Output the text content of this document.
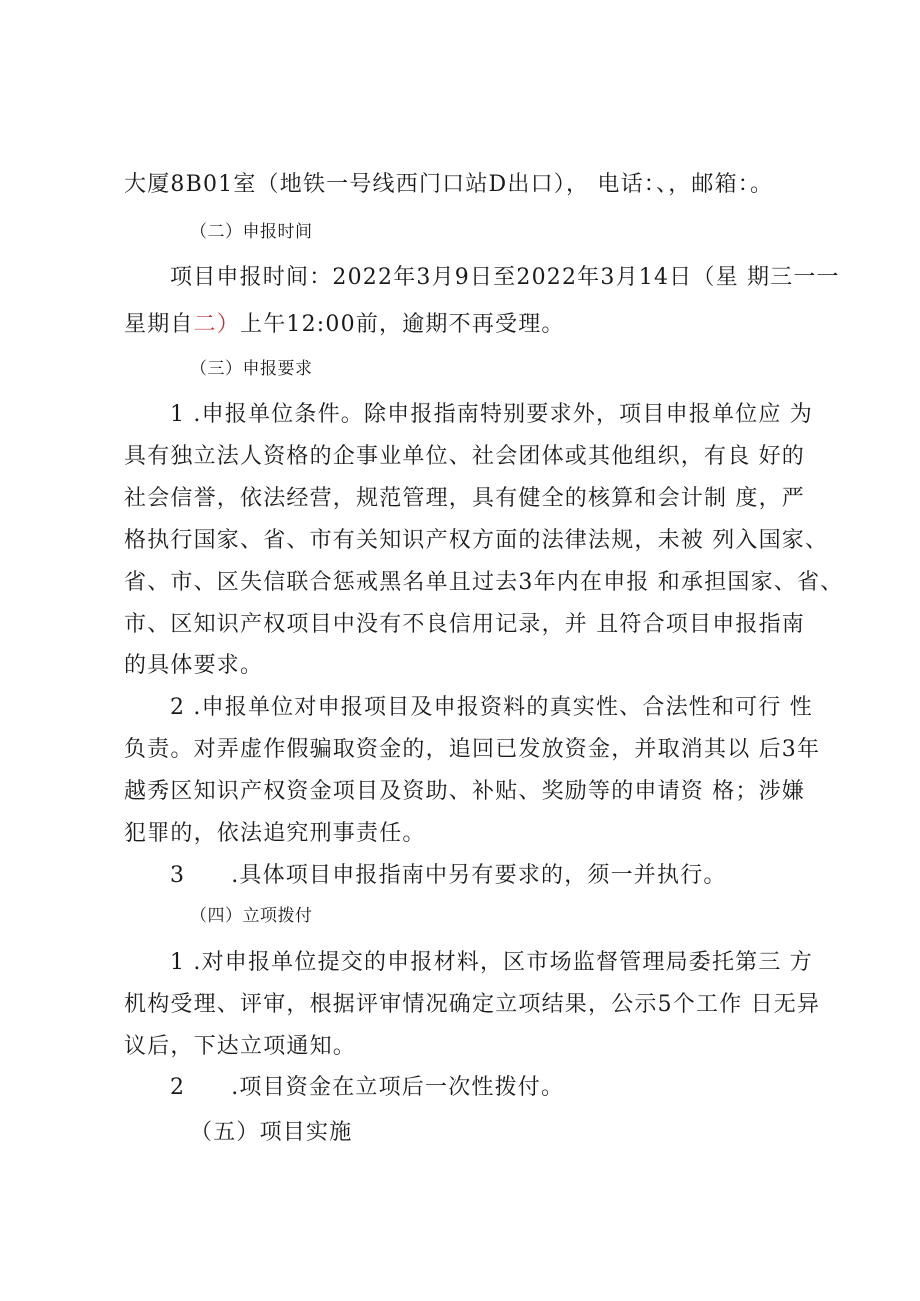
大厦8B01室（地铁一号线西门口站D出口）， 电话：、，邮箱：。

（二）申报时间

项目申报时间：2022年3月9日至2022年3月14日（星 期三一一

星期自二）上午12:00前，逾期不再受理。

（三）申报要求

1 .申报单位条件。除申报指南特别要求外，项目申报单位应 为

具有独立法人资格的企事业单位、社会团体或其他组织，有良 好的

社会信誉，依法经营，规范管理，具有健全的核算和会计制 度，严

格执行国家、省、市有关知识产权方面的法律法规，未被 列入国家、

省、市、区失信联合惩戒黑名单且过去3年内在申报 和承担国家、省、

市、区知识产权项目中没有不良信用记录，并 且符合项目申报指南

的具体要求。

2 .申报单位对申报项目及申报资料的真实性、合法性和可行 性

负责。对弄虚作假骗取资金的，追回已发放资金，并取消其以 后3年

越秀区知识产权资金项目及资助、补贴、奖励等的申请资 格；涉嫌

犯罪的，依法追究刑事责任。

3 .具体项目申报指南中另有要求的，须一并执行。

（四）立项拨付

1 .对申报单位提交的申报材料，区市场监督管理局委托第三 方

机构受理、评审，根据评审情况确定立项结果，公示5个工作 日无异

议后，下达立项通知。

2 .项目资金在立项后一次性拨付。

（五）项目实施
